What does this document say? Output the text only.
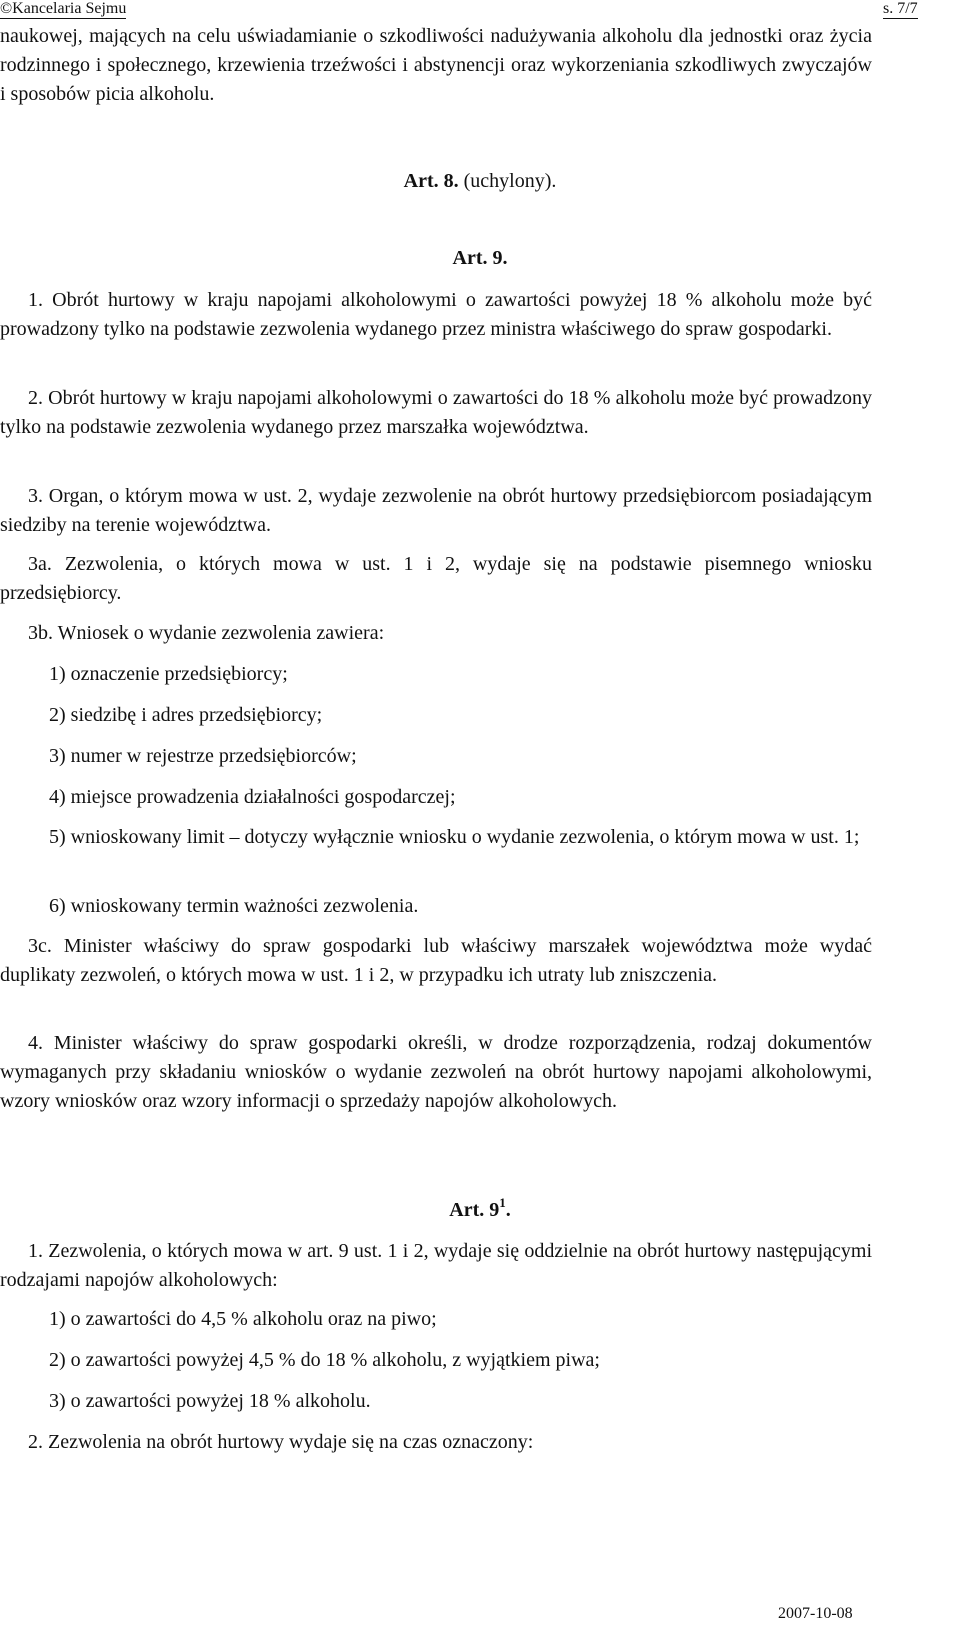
©Kancelaria Sejmu	s. 7/7

naukowej, mających na celu uświadamianie o szkodliwości nadużywania alkoholu dla jednostki oraz życia rodzinnego i społecznego, krzewienia trzeźwości i abstynencji oraz wykorzeniania szkodliwych zwyczajów i sposobów picia alkoholu.

Art. 8. (uchylony).
Art. 9.

1. Obrót hurtowy w kraju napojami alkoholowymi o zawartości powyżej 18 % alkoholu może być prowadzony tylko na podstawie zezwolenia wydanego przez ministra właściwego do spraw gospodarki.

2. Obrót hurtowy w kraju napojami alkoholowymi o zawartości do 18 % alkoholu może być prowadzony tylko na podstawie zezwolenia wydanego przez marszałka województwa.

3. Organ, o którym mowa w ust. 2, wydaje zezwolenie na obrót hurtowy przedsiębiorcom posiadającym siedziby na terenie województwa.

3a. Zezwolenia, o których mowa w ust. 1 i 2, wydaje się na podstawie pisemnego wniosku przedsiębiorcy.

3b. Wniosek o wydanie zezwolenia zawiera:

1) oznaczenie przedsiębiorcy;

2) siedzibę i adres przedsiębiorcy;

3) numer w rejestrze przedsiębiorców;

4) miejsce prowadzenia działalności gospodarczej;

5) wnioskowany limit – dotyczy wyłącznie wniosku o wydanie zezwolenia, o którym mowa w ust. 1;

6) wnioskowany termin ważności zezwolenia.

3c. Minister właściwy do spraw gospodarki lub właściwy marszałek województwa może wydać duplikaty zezwoleń, o których mowa w ust. 1 i 2, w przypadku ich utraty lub zniszczenia.

4. Minister właściwy do spraw gospodarki określi, w drodze rozporządzenia, rodzaj dokumentów wymaganych przy składaniu wniosków o wydanie zezwoleń na obrót hurtowy napojami alkoholowymi, wzory wniosków oraz wzory informacji o sprzedaży napojów alkoholowych.

Art. $9^1$.

1. Zezwolenia, o których mowa w art. 9 ust. 1 i 2, wydaje się oddzielnie na obrót hurtowy następującymi rodzajami napojów alkoholowych:

1) o zawartości do 4,5 % alkoholu oraz na piwo;

2) o zawartości powyżej 4,5 % do 18 % alkoholu, z wyjątkiem piwa;

3) o zawartości powyżej 18 % alkoholu.

2. Zezwolenia na obrót hurtowy wydaje się na czas oznaczony:

2007-10-08
